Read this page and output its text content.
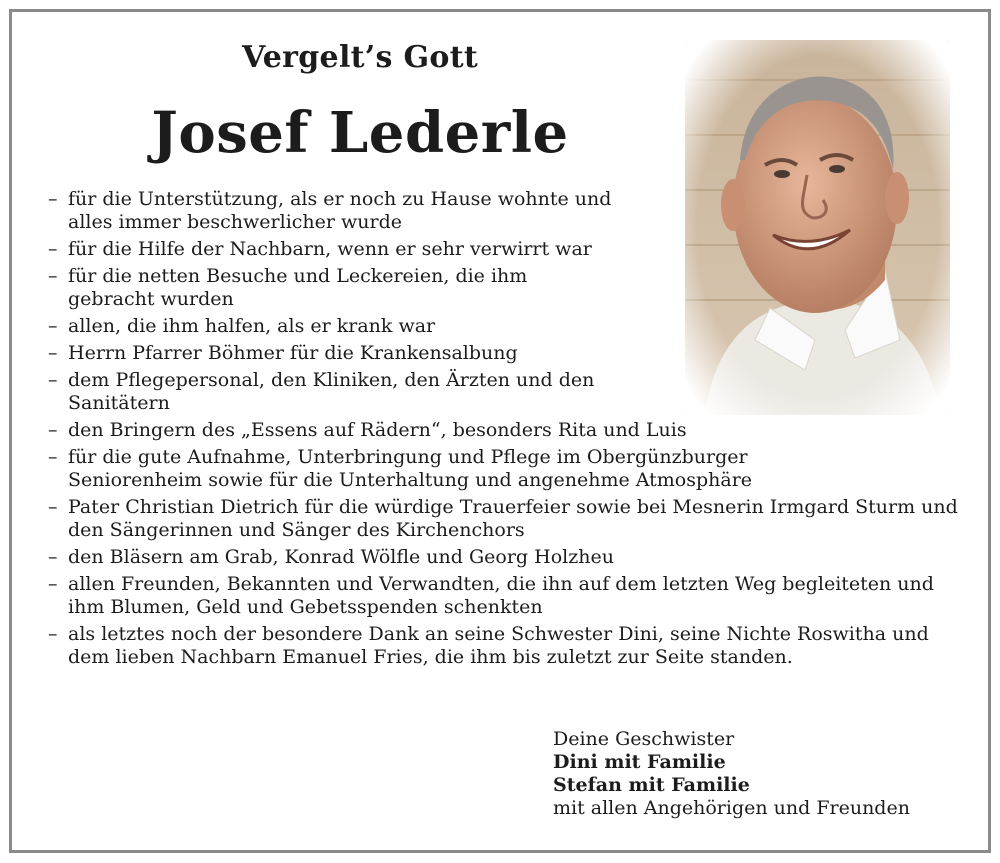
Vergelt’s Gott
Josef Lederle
– für die Unterstützung, als er noch zu Hause wohnte und alles immer beschwerlicher wurde
– für die Hilfe der Nachbarn, wenn er sehr verwirrt war
– für die netten Besuche und Leckereien, die ihm gebracht wurden
– allen, die ihm halfen, als er krank war
– Herrn Pfarrer Böhmer für die Krankensalbung
– dem Pflegepersonal, den Kliniken, den Ärzten und den Sanitätern
– den Bringern des „Essens auf Rädern“, besonders Rita und Luis
– für die gute Aufnahme, Unterbringung und Pflege im Obergünzburger Seniorenheim sowie für die Unterhaltung und angenehme Atmosphäre
– Pater Christian Dietrich für die würdige Trauerfeier sowie bei Mesnerin Irmgard Sturm und den Sängerinnen und Sänger des Kirchenchors
– den Bläsern am Grab, Konrad Wölfle und Georg Holzheu
– allen Freunden, Bekannten und Verwandten, die ihn auf dem letzten Weg begleiteten und ihm Blumen, Geld und Gebetsspenden schenkten
– als letztes noch der besondere Dank an seine Schwester Dini, seine Nichte Roswitha und dem lieben Nachbarn Emanuel Fries, die ihm bis zuletzt zur Seite standen.
Deine Geschwister
Dini mit Familie
Stefan mit Familie
mit allen Angehörigen und Freunden
